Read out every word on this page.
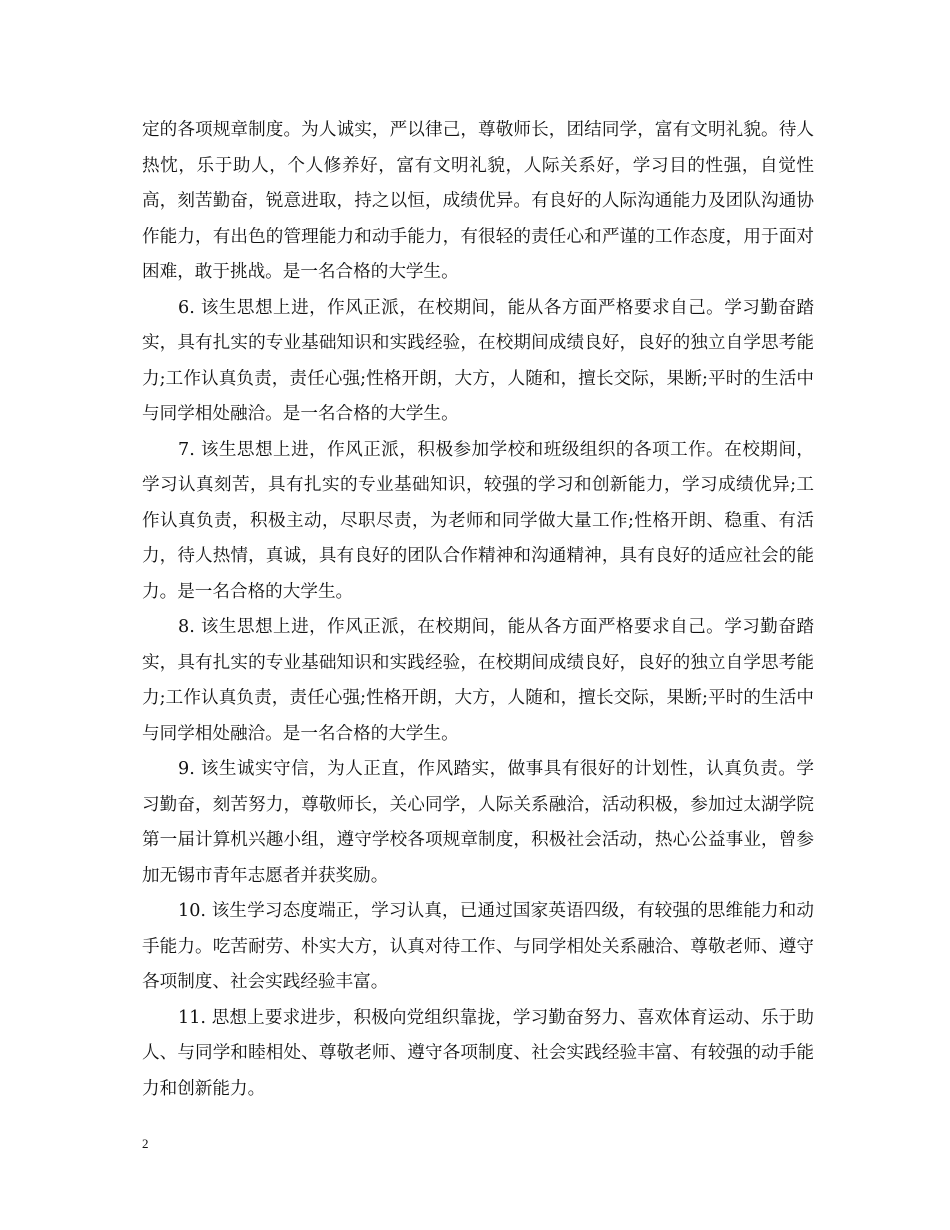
定的各项规章制度。为人诚实，严以律己，尊敬师长，团结同学，富有文明礼貌。待人热忱，乐于助人，个人修养好，富有文明礼貌，人际关系好，学习目的性强，自觉性高，刻苦勤奋，锐意进取，持之以恒，成绩优异。有良好的人际沟通能力及团队沟通协作能力，有出色的管理能力和动手能力，有很轻的责任心和严谨的工作态度，用于面对困难，敢于挑战。是一名合格的大学生。

6. 该生思想上进，作风正派，在校期间，能从各方面严格要求自己。学习勤奋踏实，具有扎实的专业基础知识和实践经验，在校期间成绩良好，良好的独立自学思考能力;工作认真负责，责任心强;性格开朗，大方，人随和，擅长交际，果断;平时的生活中与同学相处融洽。是一名合格的大学生。

7. 该生思想上进，作风正派，积极参加学校和班级组织的各项工作。在校期间，学习认真刻苦，具有扎实的专业基础知识，较强的学习和创新能力，学习成绩优异;工作认真负责，积极主动，尽职尽责，为老师和同学做大量工作;性格开朗、稳重、有活力，待人热情，真诚，具有良好的团队合作精神和沟通精神，具有良好的适应社会的能力。是一名合格的大学生。

8. 该生思想上进，作风正派，在校期间，能从各方面严格要求自己。学习勤奋踏实，具有扎实的专业基础知识和实践经验，在校期间成绩良好，良好的独立自学思考能力;工作认真负责，责任心强;性格开朗，大方，人随和，擅长交际，果断;平时的生活中与同学相处融洽。是一名合格的大学生。

9. 该生诚实守信，为人正直，作风踏实，做事具有很好的计划性，认真负责。学习勤奋，刻苦努力，尊敬师长，关心同学，人际关系融洽，活动积极，参加过太湖学院第一届计算机兴趣小组，遵守学校各项规章制度，积极社会活动，热心公益事业，曾参加无锡市青年志愿者并获奖励。

10. 该生学习态度端正，学习认真，已通过国家英语四级，有较强的思维能力和动手能力。吃苦耐劳、朴实大方，认真对待工作、与同学相处关系融洽、尊敬老师、遵守各项制度、社会实践经验丰富。

11. 思想上要求进步，积极向党组织靠拢，学习勤奋努力、喜欢体育运动、乐于助人、与同学和睦相处、尊敬老师、遵守各项制度、社会实践经验丰富、有较强的动手能力和创新能力。

2
